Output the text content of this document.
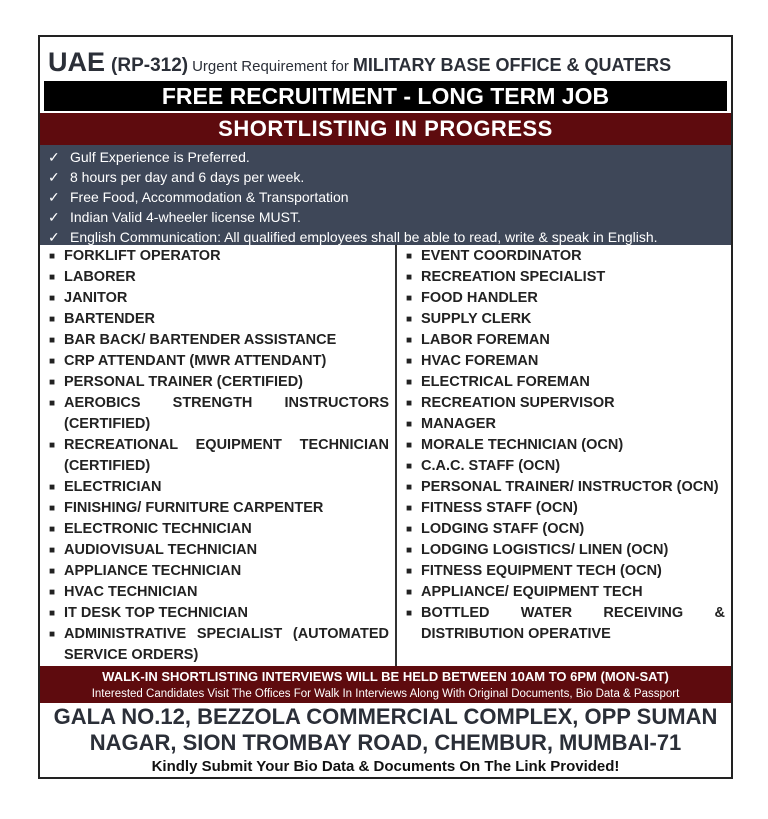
UAE (RP-312) Urgent Requirement for MILITARY BASE OFFICE & QUATERS
FREE RECRUITMENT - LONG TERM JOB
SHORTLISTING IN PROGRESS
✓ Gulf Experience is Preferred.
✓ 8 hours per day and 6 days per week.
✓ Free Food, Accommodation & Transportation
✓ Indian Valid 4-wheeler license MUST.
✓ English Communication: All qualified employees shall be able to read, write & speak in English.
■ FORKLIFT OPERATOR
■ LABORER
■ JANITOR
■ BARTENDER
■ BAR BACK/ BARTENDER ASSISTANCE
■ CRP ATTENDANT (MWR ATTENDANT)
■ PERSONAL TRAINER (CERTIFIED)
■ AEROBICS STRENGTH INSTRUCTORS (CERTIFIED)
■ RECREATIONAL EQUIPMENT TECHNICIAN (CERTIFIED)
■ ELECTRICIAN
■ FINISHING/ FURNITURE CARPENTER
■ ELECTRONIC TECHNICIAN
■ AUDIOVISUAL TECHNICIAN
■ APPLIANCE TECHNICIAN
■ HVAC TECHNICIAN
■ IT DESK TOP TECHNICIAN
■ ADMINISTRATIVE SPECIALIST (AUTOMATED SERVICE ORDERS)
■ EVENT COORDINATOR
■ RECREATION SPECIALIST
■ FOOD HANDLER
■ SUPPLY CLERK
■ LABOR FOREMAN
■ HVAC FOREMAN
■ ELECTRICAL FOREMAN
■ RECREATION SUPERVISOR
■ MANAGER
■ MORALE TECHNICIAN (OCN)
■ C.A.C. STAFF (OCN)
■ PERSONAL TRAINER/ INSTRUCTOR (OCN)
■ FITNESS STAFF (OCN)
■ LODGING STAFF (OCN)
■ LODGING LOGISTICS/ LINEN (OCN)
■ FITNESS EQUIPMENT TECH (OCN)
■ APPLIANCE/ EQUIPMENT TECH
■ BOTTLED WATER RECEIVING & DISTRIBUTION OPERATIVE
WALK-IN SHORTLISTING INTERVIEWS WILL BE HELD BETWEEN 10AM TO 6PM (MON-SAT)
Interested Candidates Visit The Offices For Walk In Interviews Along With Original Documents, Bio Data & Passport
GALA NO.12, BEZZOLA COMMERCIAL COMPLEX, OPP SUMAN
NAGAR, SION TROMBAY ROAD, CHEMBUR, MUMBAI-71
Kindly Submit Your Bio Data & Documents On The Link Provided!
